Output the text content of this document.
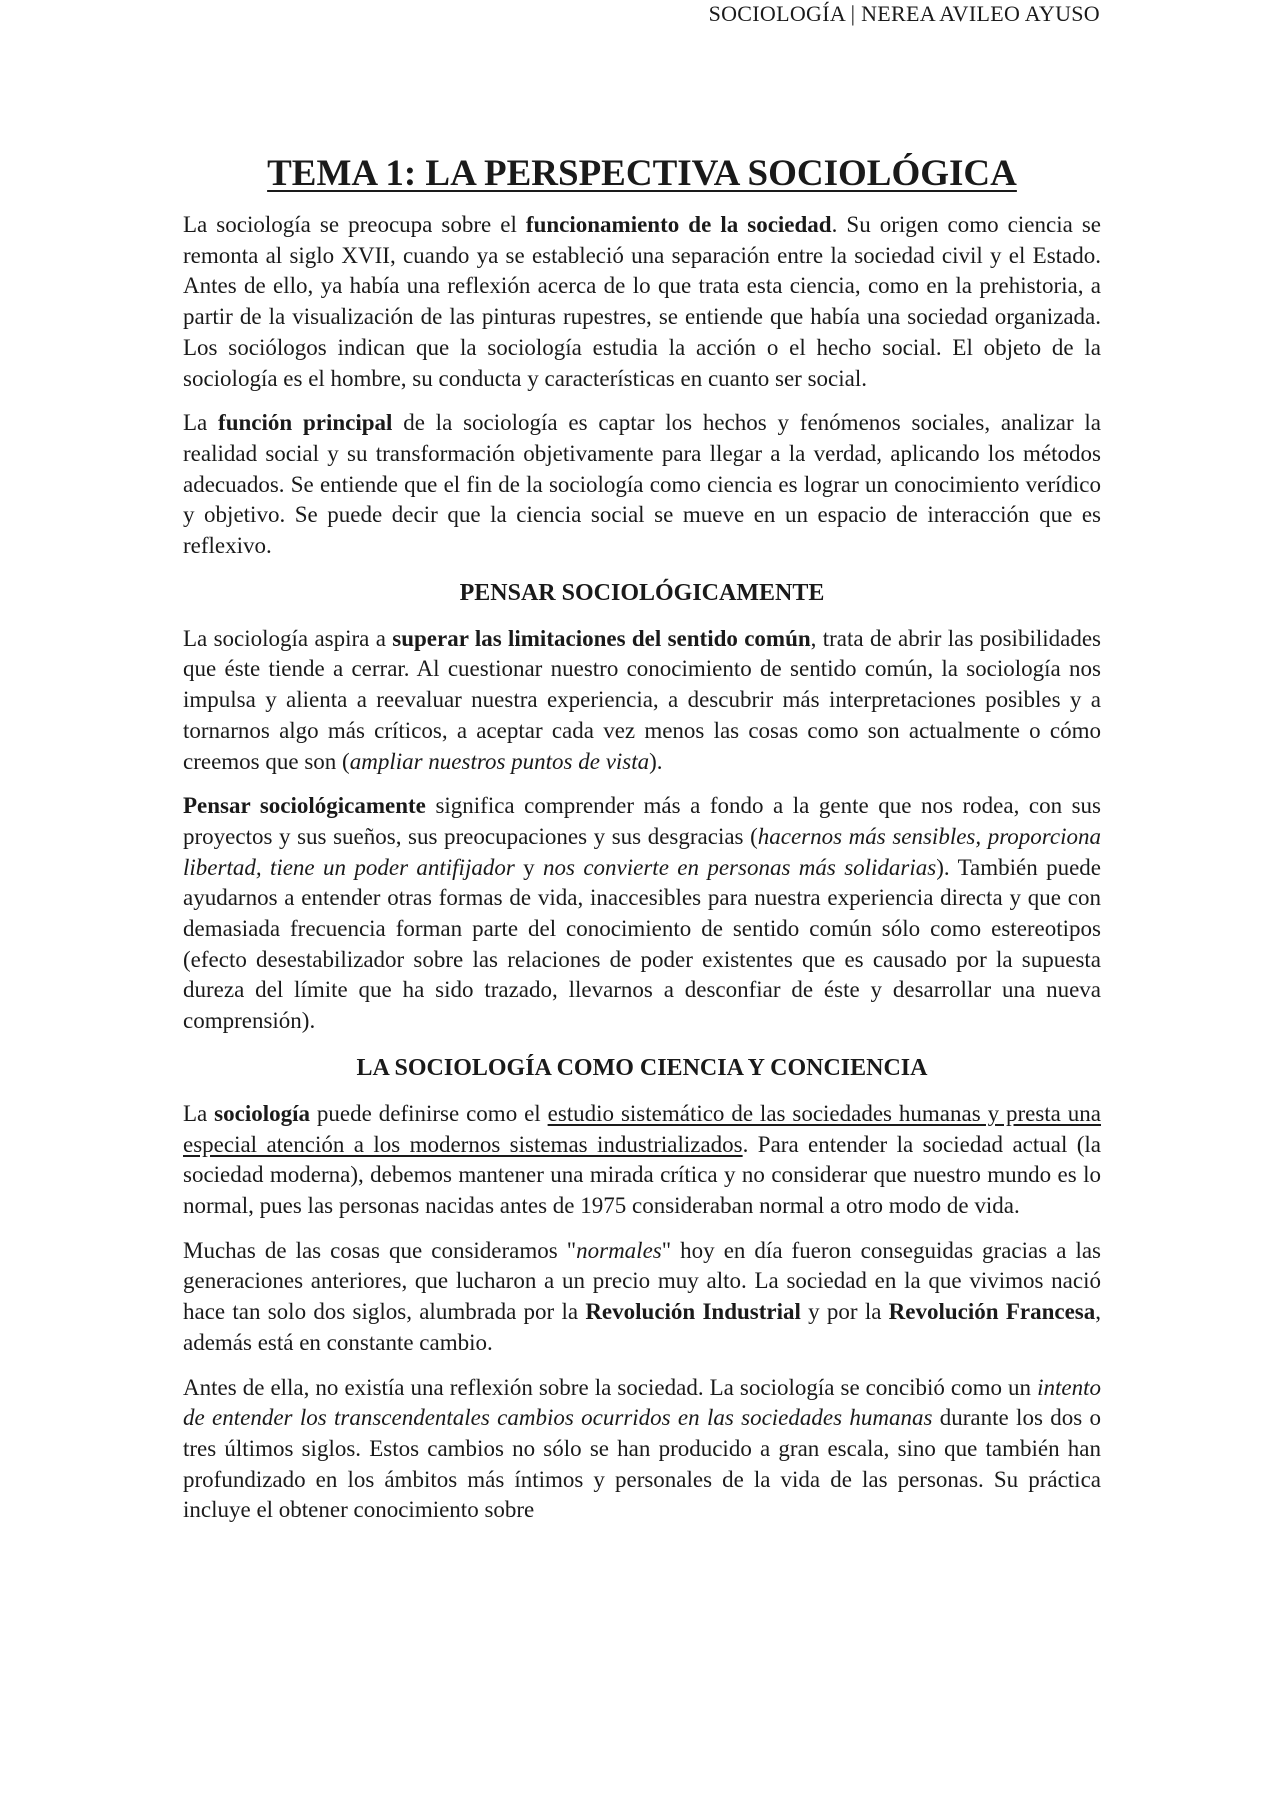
SOCIOLOGÍA | NEREA AVILEO AYUSO
TEMA 1: LA PERSPECTIVA SOCIOLÓGICA

La sociología se preocupa sobre el funcionamiento de la sociedad. Su origen como ciencia se remonta al siglo XVII, cuando ya se estableció una separación entre la sociedad civil y el Estado. Antes de ello, ya había una reflexión acerca de lo que trata esta ciencia, como en la prehistoria, a partir de la visualización de las pinturas rupestres, se entiende que había una sociedad organizada. Los sociólogos indican que la sociología estudia la acción o el hecho social. El objeto de la sociología es el hombre, su conducta y características en cuanto ser social.

La función principal de la sociología es captar los hechos y fenómenos sociales, analizar la realidad social y su transformación objetivamente para llegar a la verdad, aplicando los métodos adecuados. Se entiende que el fin de la sociología como ciencia es lograr un conocimiento verídico y objetivo. Se puede decir que la ciencia social se mueve en un espacio de interacción que es reflexivo.

PENSAR SOCIOLÓGICAMENTE

La sociología aspira a superar las limitaciones del sentido común, trata de abrir las posibilidades que éste tiende a cerrar. Al cuestionar nuestro conocimiento de sentido común, la sociología nos impulsa y alienta a reevaluar nuestra experiencia, a descubrir más interpretaciones posibles y a tornarnos algo más críticos, a aceptar cada vez menos las cosas como son actualmente o cómo creemos que son (ampliar nuestros puntos de vista).

Pensar sociológicamente significa comprender más a fondo a la gente que nos rodea, con sus proyectos y sus sueños, sus preocupaciones y sus desgracias (hacernos más sensibles, proporciona libertad, tiene un poder antifijador y nos convierte en personas más solidarias). También puede ayudarnos a entender otras formas de vida, inaccesibles para nuestra experiencia directa y que con demasiada frecuencia forman parte del conocimiento de sentido común sólo como estereotipos (efecto desestabilizador sobre las relaciones de poder existentes que es causado por la supuesta dureza del límite que ha sido trazado, llevarnos a desconfiar de éste y desarrollar una nueva comprensión).

LA SOCIOLOGÍA COMO CIENCIA Y CONCIENCIA

La sociología puede definirse como el estudio sistemático de las sociedades humanas y presta una especial atención a los modernos sistemas industrializados. Para entender la sociedad actual (la sociedad moderna), debemos mantener una mirada crítica y no considerar que nuestro mundo es lo normal, pues las personas nacidas antes de 1975 consideraban normal a otro modo de vida.

Muchas de las cosas que consideramos "normales" hoy en día fueron conseguidas gracias a las generaciones anteriores, que lucharon a un precio muy alto. La sociedad en la que vivimos nació hace tan solo dos siglos, alumbrada por la Revolución Industrial y por la Revolución Francesa, además está en constante cambio.

Antes de ella, no existía una reflexión sobre la sociedad. La sociología se concibió como un intento de entender los transcendentales cambios ocurridos en las sociedades humanas durante los dos o tres últimos siglos. Estos cambios no sólo se han producido a gran escala, sino que también han profundizado en los ámbitos más íntimos y personales de la vida de las personas. Su práctica incluye el obtener conocimiento sobre
